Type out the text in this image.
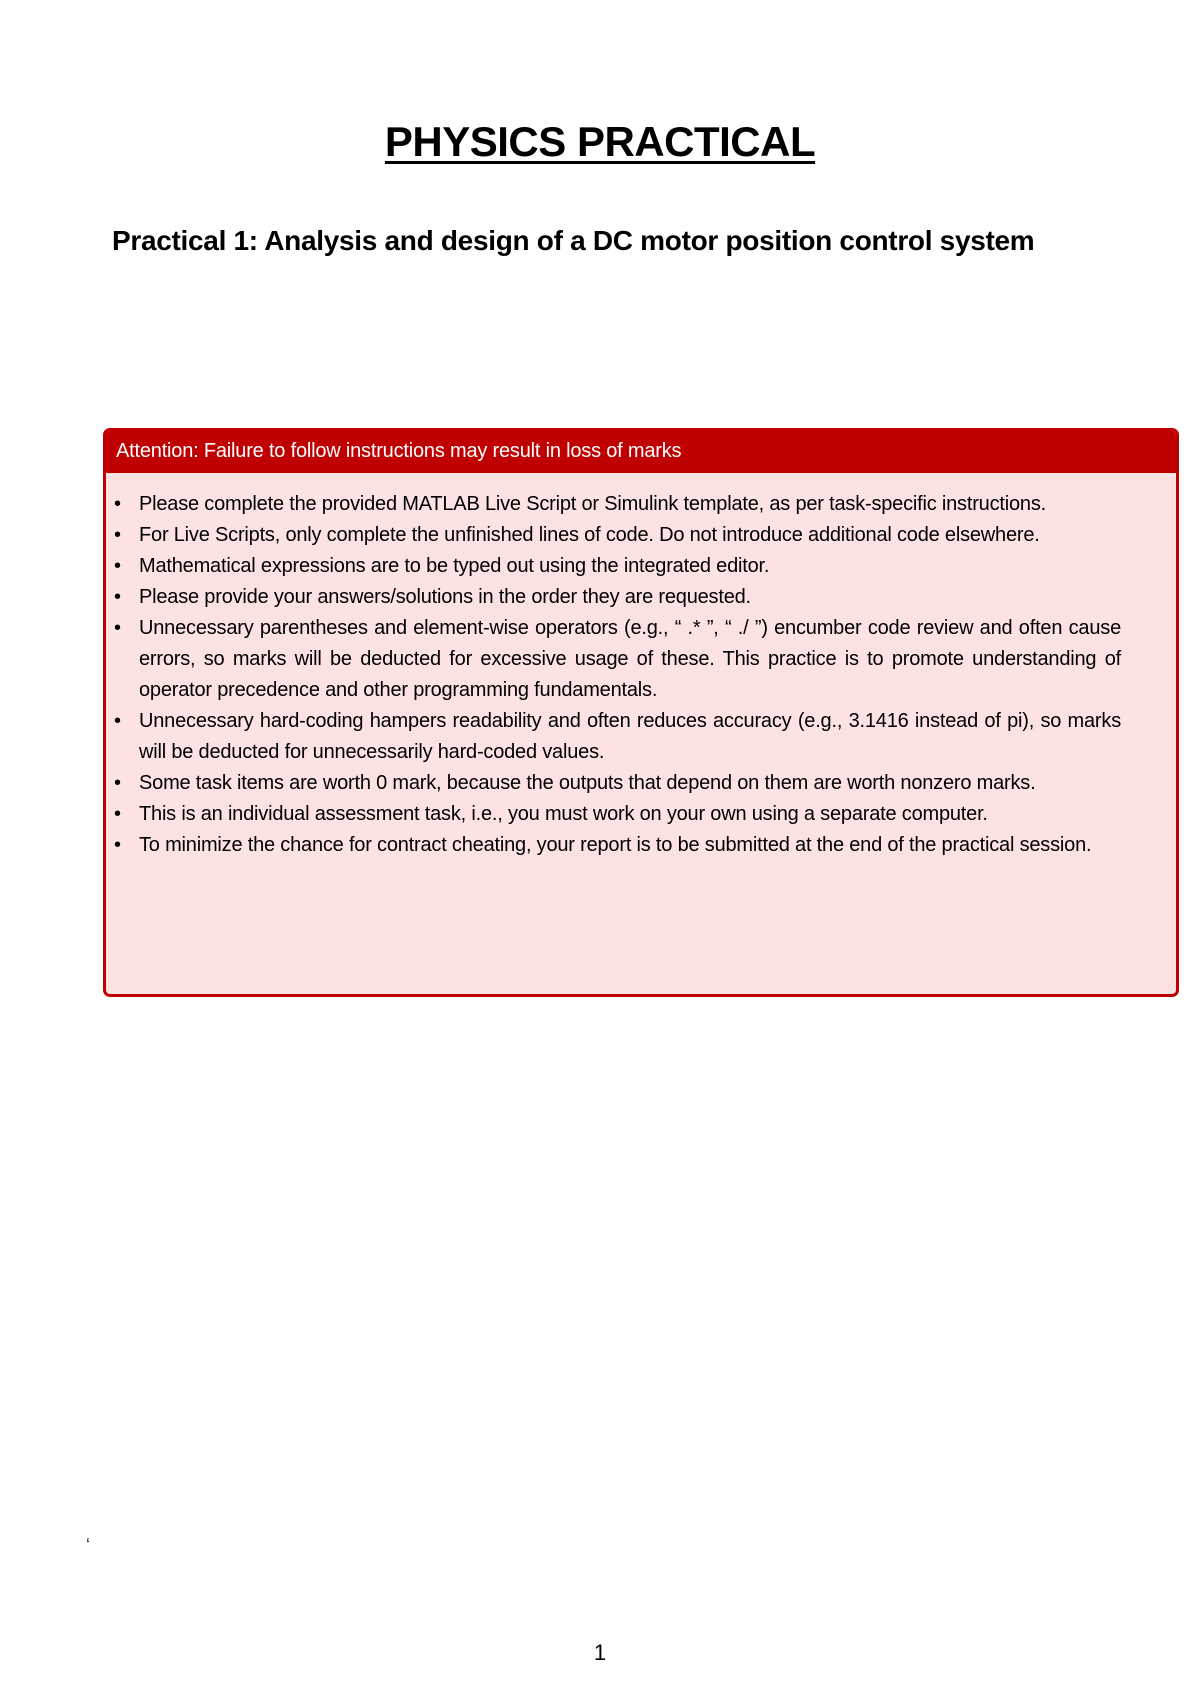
PHYSICS PRACTICAL
Practical 1: Analysis and design of a DC motor position control system
Attention: Failure to follow instructions may result in loss of marks
• Please complete the provided MATLAB Live Script or Simulink template, as per task-specific instructions.
• For Live Scripts, only complete the unfinished lines of code. Do not introduce additional code elsewhere.
• Mathematical expressions are to be typed out using the integrated editor.
• Please provide your answers/solutions in the order they are requested.
• Unnecessary parentheses and element-wise operators (e.g., “ .* ”, “ ./ ”) encumber code review and often cause errors, so marks will be deducted for excessive usage of these. This practice is to promote understanding of operator precedence and other programming fundamentals.
• Unnecessary hard-coding hampers readability and often reduces accuracy (e.g., 3.1416 instead of pi), so marks will be deducted for unnecessarily hard-coded values.
• Some task items are worth 0 mark, because the outputs that depend on them are worth nonzero marks.
• This is an individual assessment task, i.e., you must work on your own using a separate computer.
• To minimize the chance for contract cheating, your report is to be submitted at the end of the practical session.
‘
1
